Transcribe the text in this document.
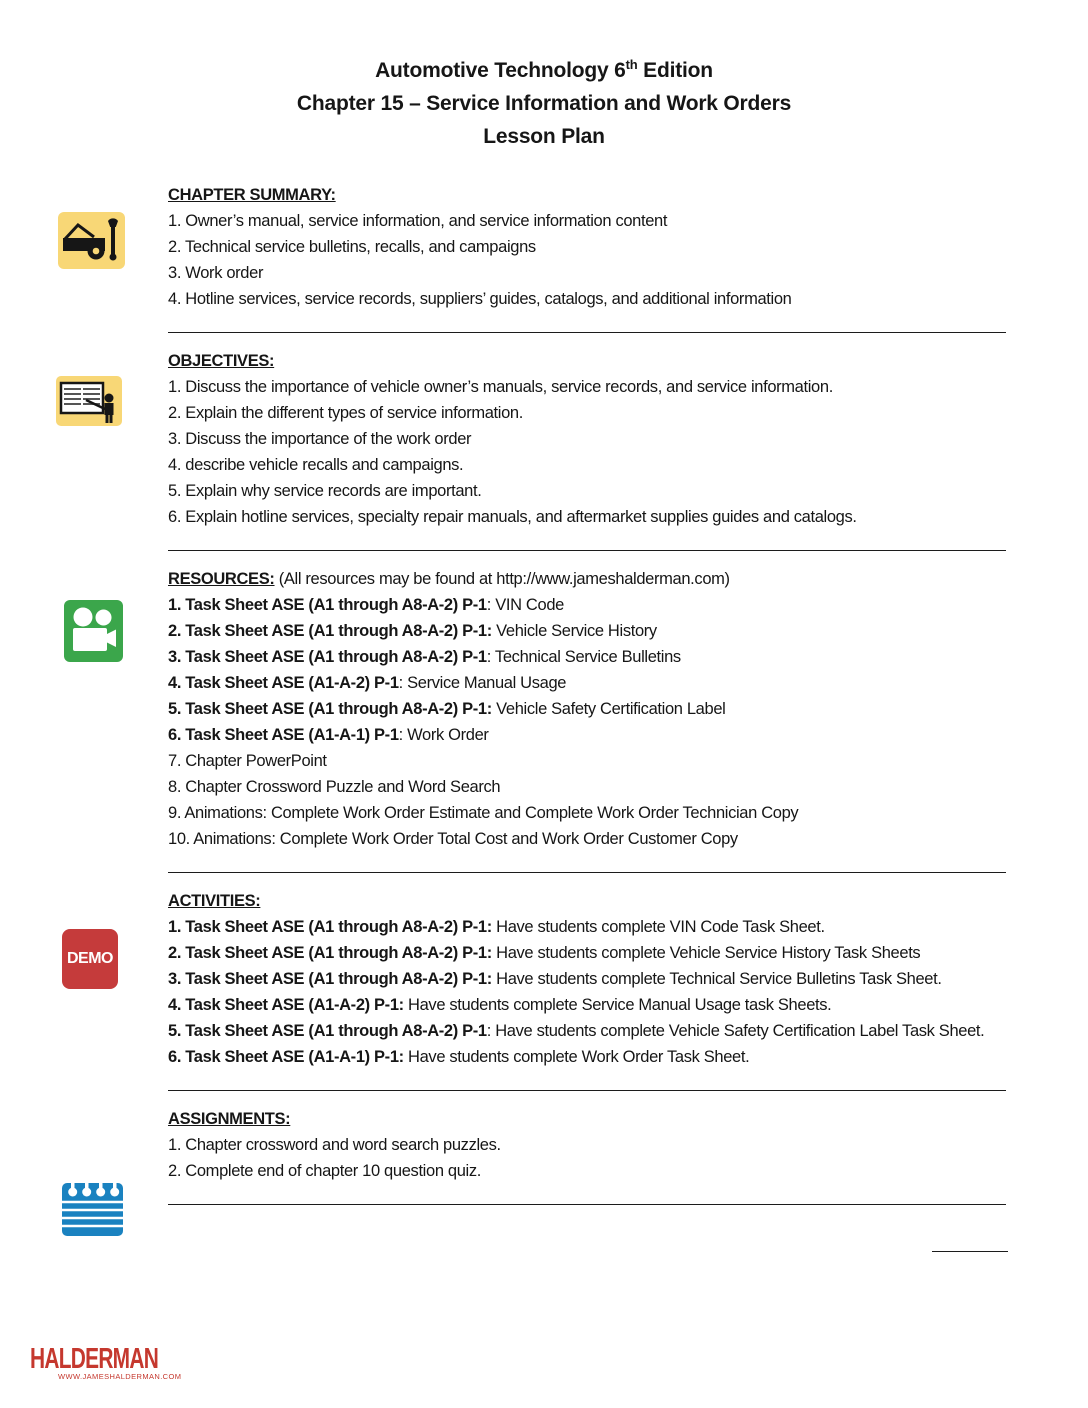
Automotive Technology 6th Edition
Chapter 15 – Service Information and Work Orders
Lesson Plan
DEMO
CHAPTER SUMMARY:
1. Owner’s manual, service information, and service information content
2. Technical service bulletins, recalls, and campaigns
3. Work order
4. Hotline services, service records, suppliers’ guides, catalogs, and additional information
OBJECTIVES:
1. Discuss the importance of vehicle owner’s manuals, service records, and service information.
2. Explain the different types of service information.
3. Discuss the importance of the work order
4. describe vehicle recalls and campaigns.
5. Explain why service records are important.
6. Explain hotline services, specialty repair manuals, and aftermarket supplies guides and catalogs.
RESOURCES: (All resources may be found at http://www.jameshalderman.com)
1. Task Sheet ASE (A1 through A8-A-2) P-1: VIN Code
2. Task Sheet ASE (A1 through A8-A-2) P-1: Vehicle Service History
3. Task Sheet ASE (A1 through A8-A-2) P-1: Technical Service Bulletins
4. Task Sheet ASE (A1-A-2) P-1: Service Manual Usage
5. Task Sheet ASE (A1 through A8-A-2) P-1: Vehicle Safety Certification Label
6. Task Sheet ASE (A1-A-1) P-1: Work Order
7. Chapter PowerPoint
8. Chapter Crossword Puzzle and Word Search
9. Animations: Complete Work Order Estimate and Complete Work Order Technician Copy
10. Animations: Complete Work Order Total Cost and Work Order Customer Copy
ACTIVITIES:
1. Task Sheet ASE (A1 through A8-A-2) P-1: Have students complete VIN Code Task Sheet.
2. Task Sheet ASE (A1 through A8-A-2) P-1: Have students complete Vehicle Service History Task Sheets
3. Task Sheet ASE (A1 through A8-A-2) P-1: Have students complete Technical Service Bulletins Task Sheet.
4. Task Sheet ASE (A1-A-2) P-1: Have students complete Service Manual Usage task Sheets.
5. Task Sheet ASE (A1 through A8-A-2) P-1: Have students complete Vehicle Safety Certification Label Task Sheet.
6. Task Sheet ASE (A1-A-1) P-1: Have students complete Work Order Task Sheet.
ASSIGNMENTS:
1. Chapter crossword and word search puzzles.
2. Complete end of chapter 10 question quiz.
HALDERMAN
WWW.JAMESHALDERMAN.COM
